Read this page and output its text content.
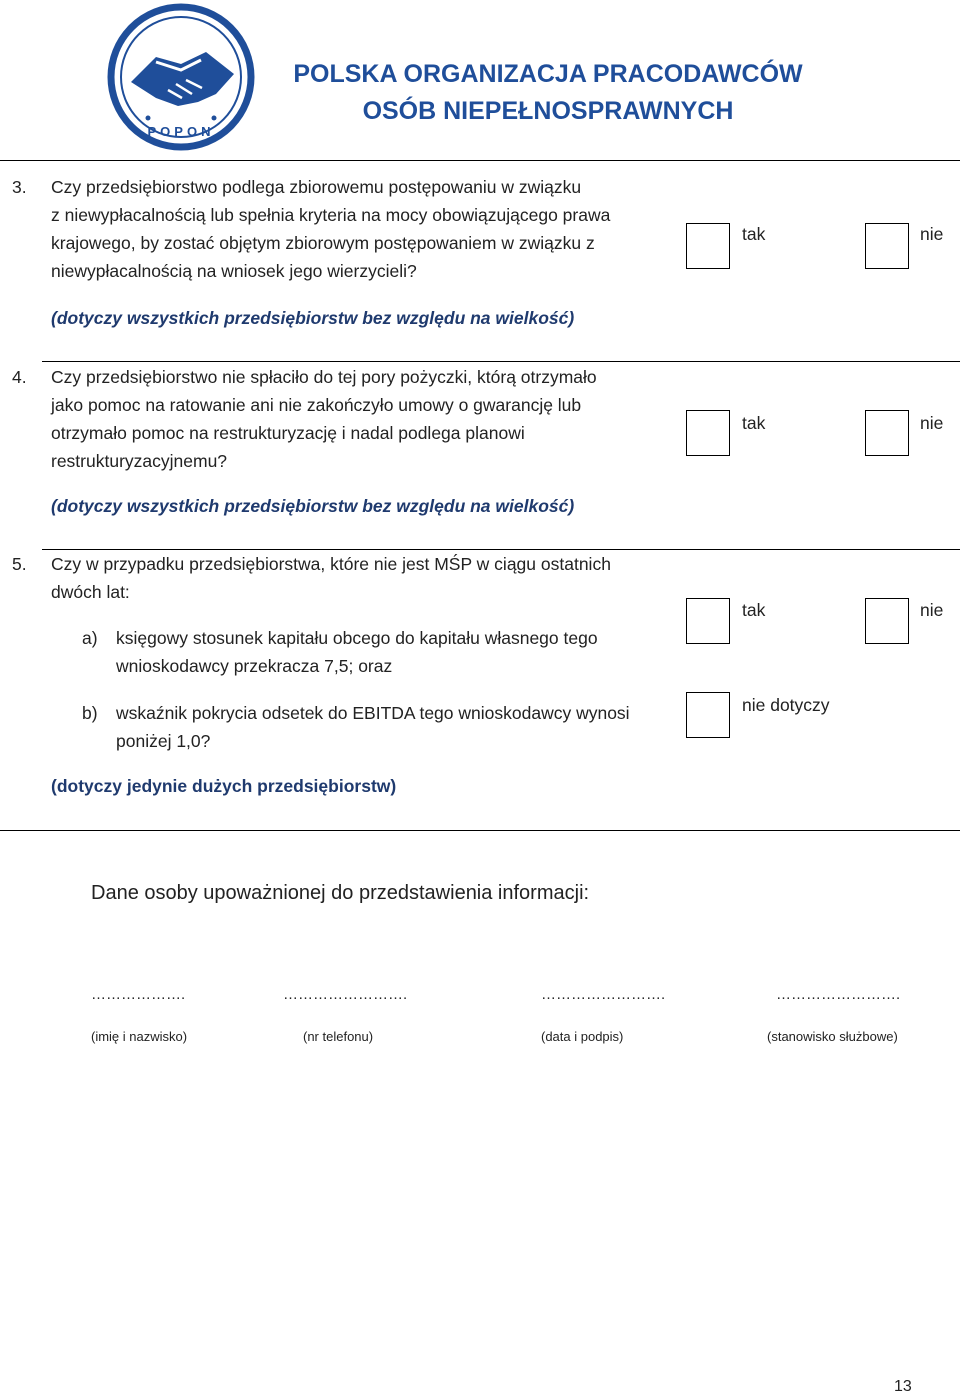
POPON
POLSKA ORGANIZACJA PRACODAWCÓW
OSÓB NIEPEŁNOSPRAWNYCH
3. Czy przedsiębiorstwo podlega zbiorowemu postępowaniu w związku
z niewypłacalnością lub spełnia kryteria na mocy obowiązującego prawa
krajowego, by zostać objętym zbiorowym postępowaniem w związku z
niewypłacalnością na wniosek jego wierzycieli?
tak	nie
(dotyczy wszystkich przedsiębiorstw bez względu na wielkość)
4. Czy przedsiębiorstwo nie spłaciło do tej pory pożyczki, którą otrzymało
jako pomoc na ratowanie ani nie zakończyło umowy o gwarancję lub
otrzymało pomoc na restrukturyzację i nadal podlega planowi
restrukturyzacyjnemu?
tak	nie
(dotyczy wszystkich przedsiębiorstw bez względu na wielkość)
5. Czy w przypadku przedsiębiorstwa, które nie jest MŚP w ciągu ostatnich
dwóch lat:
a) księgowy stosunek kapitału obcego do kapitału własnego tego
wnioskodawcy przekracza 7,5; oraz
b) wskaźnik pokrycia odsetek do EBITDA tego wnioskodawcy wynosi
poniżej 1,0?
tak	nie
nie dotyczy
(dotyczy jedynie dużych przedsiębiorstw)
Dane osoby upoważnionej do przedstawienia informacji:
……………….	…………………….	…………………….	…………………….
(imię i nazwisko)	(nr telefonu)	(data i podpis)	(stanowisko służbowe)
13
